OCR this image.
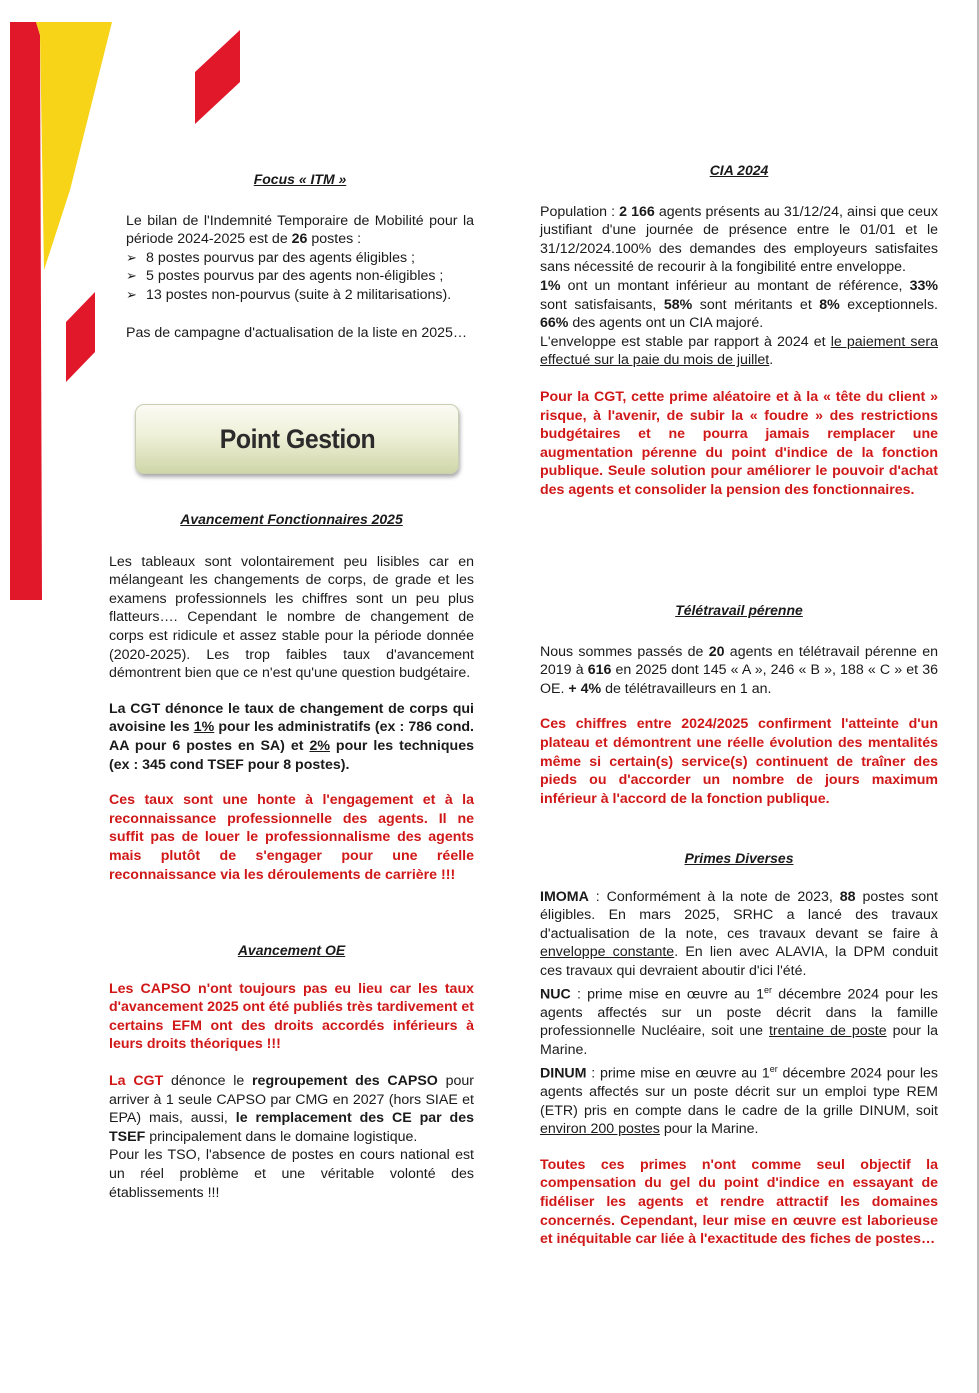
Focus « ITM »

Le bilan de l'Indemnité Temporaire de Mobilité pour la période 2024-2025 est de 26 postes :

➢ 8 postes pourvus par des agents éligibles ;
➢ 5 postes pourvus par des agents non-éligibles ;
➢ 13 postes non-pourvus (suite à 2 militarisations).

Pas de campagne d'actualisation de la liste en 2025…

Point Gestion
Avancement Fonctionnaires 2025

Les tableaux sont volontairement peu lisibles car en mélangeant les changements de corps, de grade et les examens professionnels les chiffres sont un peu plus flatteurs…. Cependant le nombre de changement de corps est ridicule et assez stable pour la période donnée (2020-2025). Les trop faibles taux d'avancement démontrent bien que ce n'est qu'une question budgétaire.

La CGT dénonce le taux de changement de corps qui avoisine les 1% pour les administratifs (ex : 786 cond. AA pour 6 postes en SA) et 2% pour les techniques (ex : 345 cond TSEF pour 8 postes).

Ces taux sont une honte à l'engagement et à la reconnaissance professionnelle des agents. Il ne suffit pas de louer le professionnalisme des agents mais plutôt de s'engager pour une réelle reconnaissance via les déroulements de carrière !!!

Avancement OE

Les CAPSO n'ont toujours pas eu lieu car les taux d'avancement 2025 ont été publiés très tardivement et certains EFM ont des droits accordés inférieurs à leurs droits théoriques !!!

La CGT dénonce le regroupement des CAPSO pour arriver à 1 seule CAPSO par CMG en 2027 (hors SIAE et EPA) mais, aussi, le remplacement des CE par des TSEF principalement dans le domaine logistique.

Pour les TSO, l'absence de postes en cours national est un réel problème et une véritable volonté des établissements !!!

CIA 2024

Population : 2 166 agents présents au 31/12/24, ainsi que ceux justifiant d'une journée de présence entre le 01/01 et le 31/12/2024.100% des demandes des employeurs satisfaites sans nécessité de recourir à la fongibilité entre enveloppe.

1% ont un montant inférieur au montant de référence, 33% sont satisfaisants, 58% sont méritants et 8% exceptionnels. 66% des agents ont un CIA majoré.

L'enveloppe est stable par rapport à 2024 et le paiement sera effectué sur la paie du mois de juillet.

Pour la CGT, cette prime aléatoire et à la « tête du client » risque, à l'avenir, de subir la « foudre » des restrictions budgétaires et ne pourra jamais remplacer une augmentation pérenne du point d'indice de la fonction publique. Seule solution pour améliorer le pouvoir d'achat des agents et consolider la pension des fonctionnaires.

Télétravail pérenne

Nous sommes passés de 20 agents en télétravail pérenne en 2019 à 616 en 2025 dont 145 « A », 246 « B », 188 « C » et 36 OE. + 4% de télétravailleurs en 1 an.

Ces chiffres entre 2024/2025 confirment l'atteinte d'un plateau et démontrent une réelle évolution des mentalités même si certain(s) service(s) continuent de traîner des pieds ou d'accorder un nombre de jours maximum inférieur à l'accord de la fonction publique.

Primes Diverses

IMOMA : Conformément à la note de 2023, 88 postes sont éligibles. En mars 2025, SRHC a lancé des travaux d'actualisation de la note, ces travaux devant se faire à enveloppe constante. En lien avec ALAVIA, la DPM conduit ces travaux qui devraient aboutir d'ici l'été.

NUC : prime mise en œuvre au 1er décembre 2024 pour les agents affectés sur un poste décrit dans la famille professionnelle Nucléaire, soit une trentaine de poste pour la Marine.

DINUM : prime mise en œuvre au 1er décembre 2024 pour les agents affectés sur un poste décrit sur un emploi type REM (ETR) pris en compte dans le cadre de la grille DINUM, soit environ 200 postes pour la Marine.

Toutes ces primes n'ont comme seul objectif la compensation du gel du point d'indice en essayant de fidéliser les agents et rendre attractif les domaines concernés. Cependant, leur mise en œuvre est laborieuse et inéquitable car liée à l'exactitude des fiches de postes…
